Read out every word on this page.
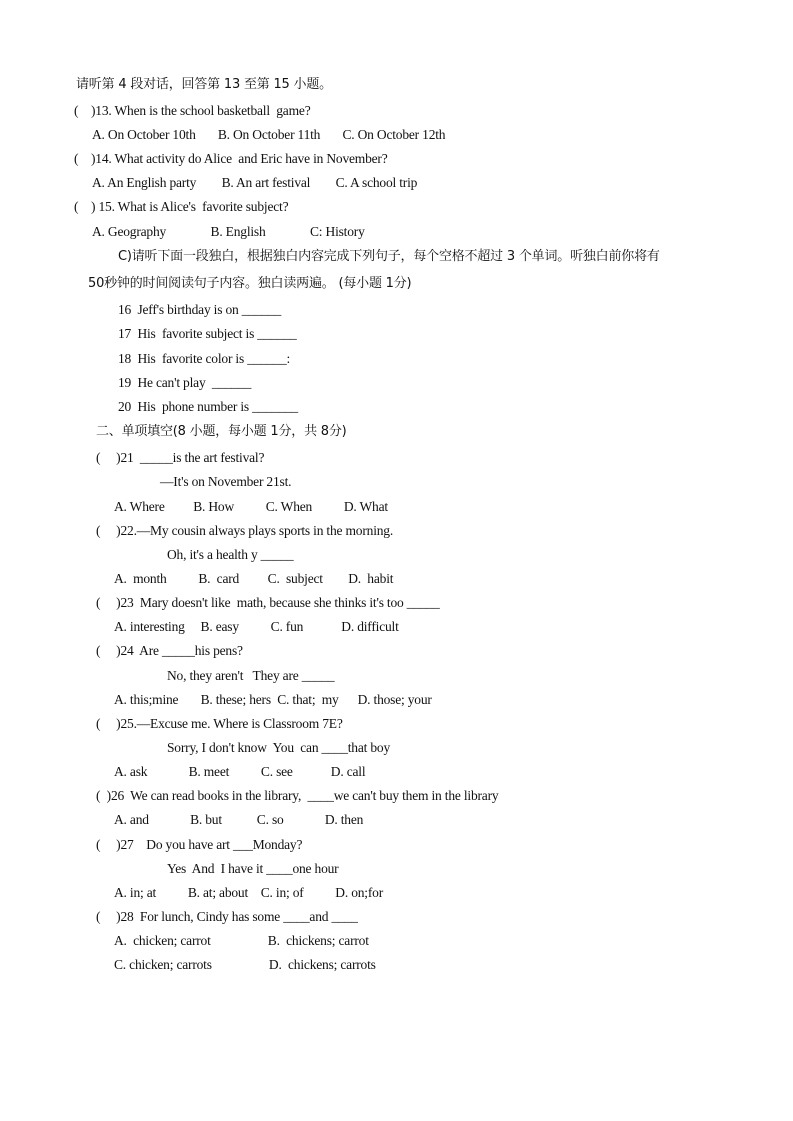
请听第 4 段对话，回答第 13 至第 15 小题。
(    )13. When is the school basketball  game?
A. On October 10th       B. On October 11th       C. On October 12th
(    )14. What activity do Alice  and Eric have in November?
A. An English party        B. An art festival        C. A school trip
(    ) 15. What is Alice's  favorite subject?
A. Geography              B. English              C: History
C)请听下面一段独白，根据独白内容完成下列句子，每个空格不超过 3 个单词。听独白前你将有
50秒钟的时间阅读句子内容。独白读两遍。 (每小题 1分)
16  Jeff's birthday is on ______
17  His  favorite subject is ______
18  His  favorite color is ______:
19  He can't play  ______
20  His  phone number is _______
二、单项填空(8 小题，每小题 1分，共 8分)
(     )21  _____is the art festival?
—It's on November 21st.
A. Where         B. How          C. When          D. What
(     )22.—My cousin always plays sports in the morning.
Oh, it's a health y _____
A.  month          B.  card         C.  subject        D.  habit
(     )23  Mary doesn't like  math, because she thinks it's too _____
A. interesting     B. easy          C. fun            D. difficult
(     )24  Are _____his pens?
No, they aren't   They are _____
A. this;mine       B. these; hers  C. that;  my      D. those; your
(     )25.—Excuse me. Where is Classroom 7E?
Sorry, I don't know  You  can ____that boy
A. ask             B. meet          C. see            D. call
(  )26  We can read books in the library,  ____we can't buy them in the library
A. and             B. but           C. so             D. then
(     )27    Do you have art ___Monday?
Yes  And  I have it ____one hour
A. in; at          B. at; about    C. in; of          D. on;for
(     )28  For lunch, Cindy has some ____and ____
A.  chicken; carrot                  B.  chickens; carrot
C. chicken; carrots                  D.  chickens; carrots
